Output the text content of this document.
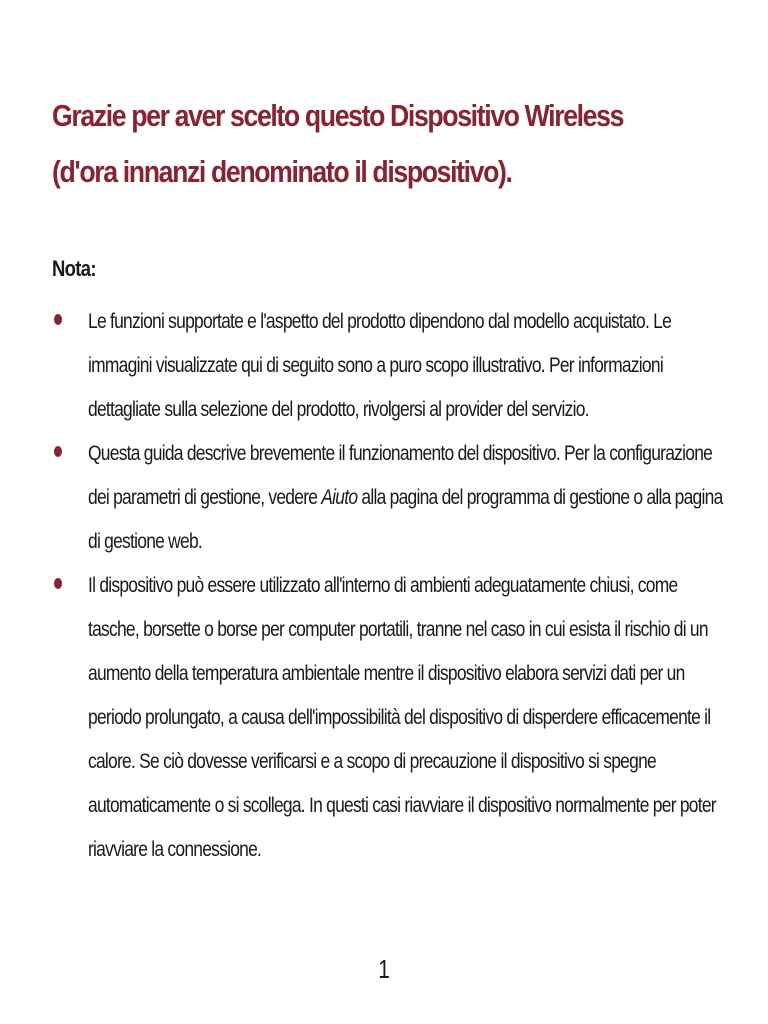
Grazie per aver scelto questo Dispositivo Wireless (d'ora innanzi denominato il dispositivo).

Nota:

Le funzioni supportate e l'aspetto del prodotto dipendono dal modello acquistato. Le immagini visualizzate qui di seguito sono a puro scopo illustrativo. Per informazioni dettagliate sulla selezione del prodotto, rivolgersi al provider del servizio.
Questa guida descrive brevemente il funzionamento del dispositivo. Per la configurazione dei parametri di gestione, vedere Aiuto alla pagina del programma di gestione o alla pagina di gestione web.
Il dispositivo può essere utilizzato all'interno di ambienti adeguatamente chiusi, come tasche, borsette o borse per computer portatili, tranne nel caso in cui esista il rischio di un aumento della temperatura ambientale mentre il dispositivo elabora servizi dati per un periodo prolungato, a causa dell'impossibilità del dispositivo di disperdere efficacemente il calore. Se ciò dovesse verificarsi e a scopo di precauzione il dispositivo si spegne automaticamente o si scollega. In questi casi riavviare il dispositivo normalmente per poter riavviare la connessione.
1
